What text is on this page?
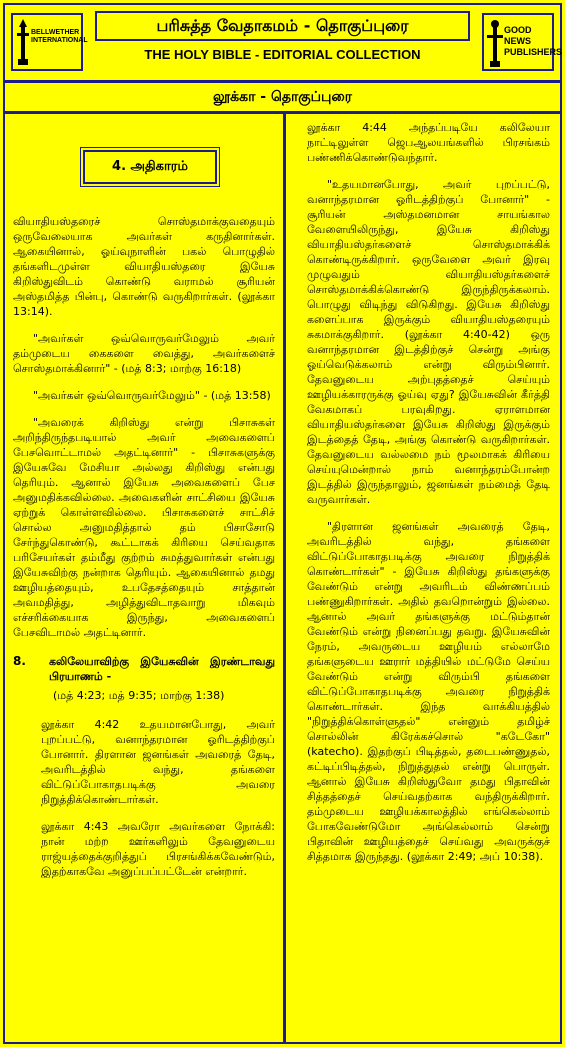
BELLWETHER INTERNATIONAL
பரிசுத்த வேதாகமம் - தொகுப்புரை
THE HOLY BIBLE - EDITORIAL COLLECTION
GOOD NEWS PUBLISHERS
லூக்கா - தொகுப்புரை
4. அதிகாரம்

வியாதியஸ்தரைச் சொஸ்தமாக்குவதையும் ஒருவேலையாக அவர்கள் கருதினார்கள். ஆகையினால், ஓய்வுநாளின் பகல் பொழுதில் தங்களிடமுள்ள வியாதியஸ்தரை இயேசு கிறிஸ்துவிடம் கொண்டு வராமல் சூரியன் அஸ்தமித்த பின்பு, கொண்டு வருகிறார்கள். (லூக்கா 13:14).

"அவர்கள் ஒவ்வொருவர்மேலும் அவர் தம்முடைய கைகளை வைத்து, அவர்களைச் சொஸ்தமாக்கினார்" - (மத் 8:3; மாற்கு 16:18)

"அவர்கள் ஒவ்வொருவர்மேலும்" - (மத் 13:58)

"அவரைக் கிறிஸ்து என்று பிசாசுகள் அறிந்திருந்தபடியால் அவர் அவைகளைப் பேசவொட்டாமல் அதட்டினார்" - பிசாசுகளுக்கு இயேசுவே மேசியா அல்லது கிறிஸ்து என்பது தெரியும். ஆனால் இயேசு அவைகளைப் பேச அனுமதிக்கவில்லை. அவைகளின் சாட்சியை இயேசு ஏற்றுக் கொள்ளவில்லை. பிசாசுகளைச் சாட்சிச் சொல்ல அனுமதித்தால் தம் பிசாசோடு சேர்ந்துகொண்டு, கூட்டாகக் கிரியை செய்வதாக பரிசேயர்கள் தம்மீது குற்றம் சுமத்துவார்கள் என்பது இயேசுவிற்கு நன்றாக தெரியும். ஆகையினால் தமது ஊழியத்தையும், உபதேசத்தையும் சாத்தான் அவமதித்து, அழித்துவிடாதவாறு மிகவும் எச்சரிக்கையாக இருந்து, அவைகளைப் பேசவிடாமல் அதட்டினார்.

8.	கலிலேயாவிற்கு இயேசுவின் இரண்டாவது பிரயாணம் -
(மத் 4:23; மத் 9:35; மாற்கு 1:38)

லூக்கா 4:42 உதயமானபோது, அவர் புறப்பட்டு, வனாந்தரமான ஓரிடத்திற்குப் போனார். திரளான ஜனங்கள் அவரைத் தேடி, அவரிடத்தில் வந்து, தங்களை விட்டுப்போகாதபடிக்கு அவரை நிறுத்திக்கொண்டார்கள்.

லூக்கா 4:43 அவரோ அவர்களை நோக்கி: நான் மற்ற ஊர்களிலும் தேவனுடைய ராஜ்யத்தைக்குறித்துப் பிரசங்கிக்கவேண்டும், இதற்காகவே அனுப்பப்பட்டேன் என்றார்.

லூக்கா 4:44 அந்தப்படியே கலிலேயா நாட்டிலுள்ள ஜெபஆலயங்களில் பிரசங்கம் பண்ணிக்கொண்டுவந்தார்.

"உதயமானபோது, அவர் புறப்பட்டு, வனாந்தரமான ஓரிடத்திற்குப் போனார்" - சூரியன் அஸ்தமனமான சாயங்கால வேளையிலிருந்து, இயேசு கிறிஸ்து வியாதியஸ்தர்களைச் சொஸ்தமாக்கிக் கொண்டிருக்கிறார். ஒருவேளை அவர் இரவு முழுவதும் வியாதியஸ்தர்களைச் சொஸ்தமாக்கிக்கொண்டு இருந்திருக்கலாம். பொழுது விடிந்து விடுகிறது. இயேசு கிறிஸ்து களைப்பாக இருக்கும் வியாதியஸ்தரையும் சுகமாக்குகிறார். (லூக்கா 4:40-42) ஒரு வனாந்தரமான இடத்திற்குச் சென்று அங்கு ஓய்வெடுக்கலாம் என்று விரும்பினார். தேவனுடைய அற்புதத்தைச் செய்யும் ஊழியக்காரருக்கு ஓய்வு ஏது? இயேசுவின் கீர்த்தி வேகமாகப் பரவுகிறது. ஏராளமான வியாதியஸ்தர்களை இயேசு கிறிஸ்து இருக்கும் இடத்தைத் தேடி, அங்கு கொண்டு வருகிறார்கள். தேவனுடைய வல்லமை நம் மூலமாகக் கிரியை செய்யுமென்றால் நாம் வனாந்தரம்போன்ற இடத்தில் இருந்தாலும், ஜனங்கள் நம்மைத் தேடி வருவார்கள்.

"திரளான ஜனங்கள் அவரைத் தேடி, அவரிடத்தில் வந்து, தங்களை விட்டுப்போகாதபடிக்கு அவரை நிறுத்திக் கொண்டார்கள்" - இயேசு கிறிஸ்து தங்களுக்கு வேண்டும் என்று அவரிடம் விண்ணப்பம் பண்ணுகிறார்கள். அதில் தவறொன்றும் இல்லை. ஆனால் அவர் தங்களுக்கு மட்டும்தான் வேண்டும் என்று நினைப்பது தவறு. இயேசுவின் நேரம், அவருடைய ஊழியம் எல்லாமே தங்களுடைய ஊரார் மத்தியில் மட்டுமே செய்ய வேண்டும் என்று விரும்பி தங்களை விட்டுப்போகாதபடிக்கு அவரை நிறுத்திக் கொண்டார்கள். இந்த வாக்கியத்தில் "நிறுத்திக்கொள்ளுதல்" என்னும் தமிழ்ச் சொல்லின் கிரேக்கச்சொல் "கடேகோ" (katecho). இதற்குப் பிடித்தல், தடைபண்ணுதல், கட்டிப்பிடித்தல், நிறுத்துதல் என்று பொருள். ஆனால் இயேசு கிறிஸ்துவோ தமது பிதாவின் சித்தத்தைச் செய்வதற்காக வந்திருக்கிறார். தம்முடைய ஊழியக்காலத்தில் எங்கெல்லாம் போகவேண்டுமோ அங்கெல்லாம் சென்று பிதாவின் ஊழியத்தைச் செய்வது அவருக்குச் சித்தமாக இருந்தது. (லூக்கா 2:49; அப் 10:38).
